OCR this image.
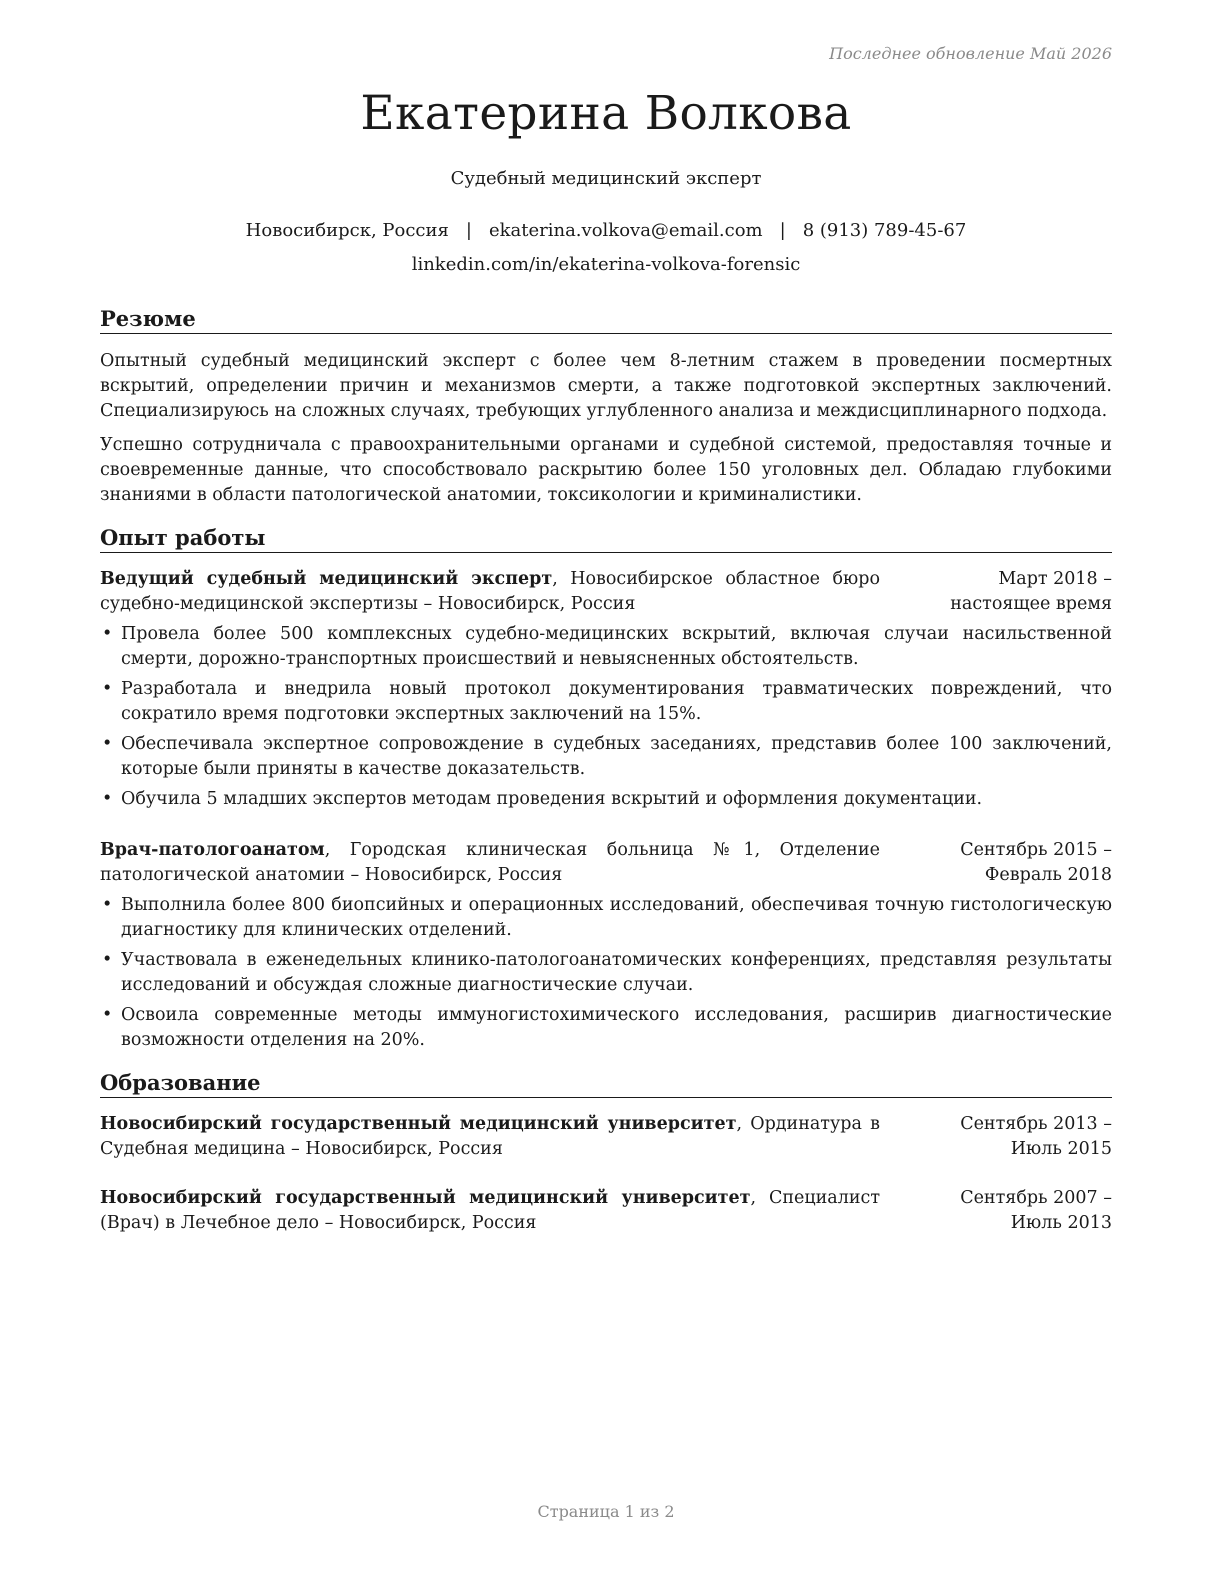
Последнее обновление Май 2026
Екатерина Волкова
Судебный медицинский эксперт
Новосибирск, Россия | ekaterina.volkova@email.com | 8 (913) 789-45-67
linkedin.com/in/ekaterina-volkova-forensic
Резюме

Опытный судебный медицинский эксперт с более чем 8-летним стажем в проведении посмертных вскрытий, определении причин и механизмов смерти, а также подготовкой экспертных заключений. Специализируюсь на сложных случаях, требующих углубленного анализа и междисциплинарного подхода.

Успешно сотрудничала с правоохранительными органами и судебной системой, предоставляя точные и своевременные данные, что способствовало раскрытию более 150 уголовных дел. Обладаю глубокими знаниями в области патологической анатомии, токсикологии и криминалистики.

Опыт работы
Ведущий судебный медицинский эксперт, Новосибирское областное бюро судебно-медицинской экспертизы – Новосибирск, Россия
Март 2018 – настоящее время
• Провела более 500 комплексных судебно-медицинских вскрытий, включая случаи насильственной смерти, дорожно-транспортных происшествий и невыясненных обстоятельств.
• Разработала и внедрила новый протокол документирования травматических повреждений, что сократило время подготовки экспертных заключений на 15%.
• Обеспечивала экспертное сопровождение в судебных заседаниях, представив более 100 заключений, которые были приняты в качестве доказательств.
• Обучила 5 младших экспертов методам проведения вскрытий и оформления документации.
Врач-патологоанатом, Городская клиническая больница №1, Отделение патологической анатомии – Новосибирск, Россия
Сентябрь 2015 – Февраль 2018
• Выполнила более 800 биопсийных и операционных исследований, обеспечивая точную гистологическую диагностику для клинических отделений.
• Участвовала в еженедельных клинико-патологоанатомических конференциях, представляя результаты исследований и обсуждая сложные диагностические случаи.
• Освоила современные методы иммуногистохимического исследования, расширив диагностические возможности отделения на 20%.
Образование
Новосибирский государственный медицинский университет, Ординатура в Судебная медицина – Новосибирск, Россия
Сентябрь 2013 – Июль 2015
Новосибирский государственный медицинский университет, Специалист (Врач) в Лечебное дело – Новосибирск, Россия
Сентябрь 2007 – Июль 2013
Страница 1 из 2
